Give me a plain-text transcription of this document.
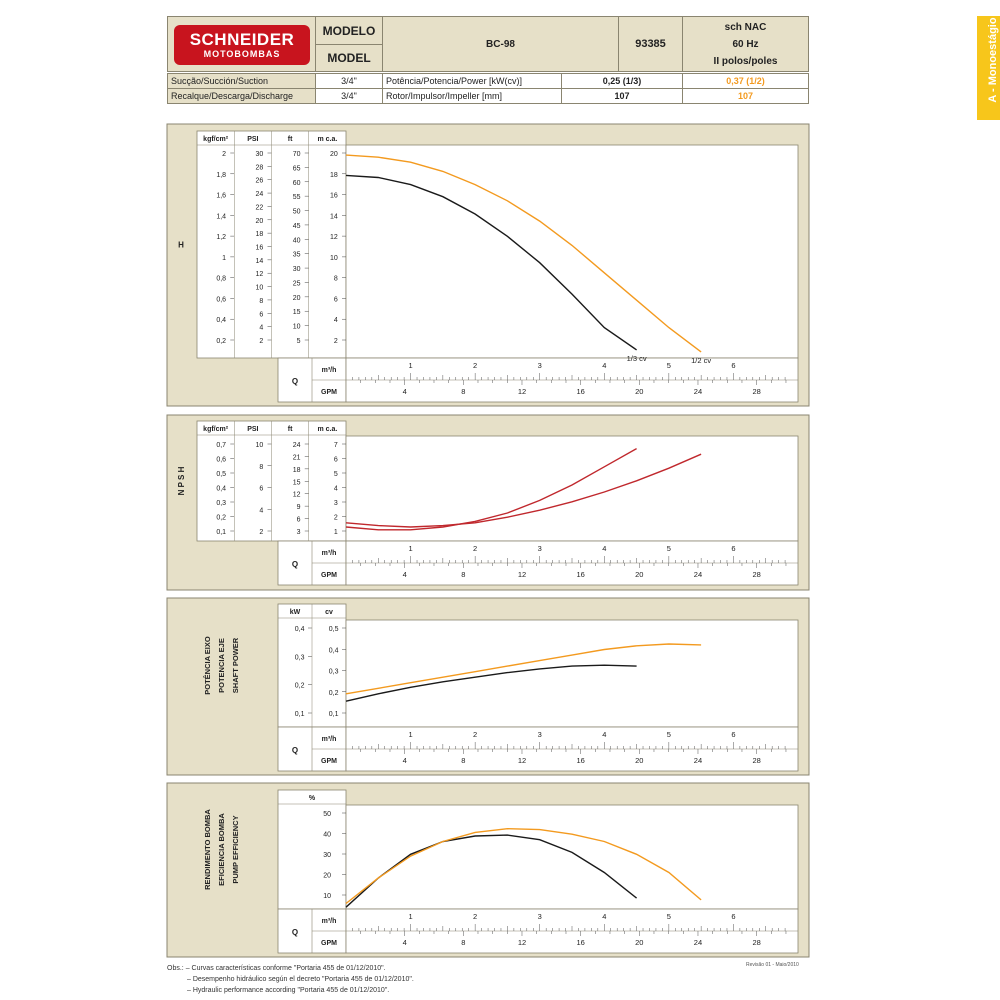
SCHNEIDER
MOTOBOMBAS
MODELO
MODEL
BC-98	93385
sch NAC
60 Hz
II polos/poles	A - Monoestágio
Sucção/Succión/Suction	3/4"	Potência/Potencia/Power [kW(cv)]	0,25 (1/3)	0,37 (1/2)
Recalque/Descarga/Discharge	3/4"	Rotor/Impulsor/Impeller [mm]	107	107
kgf/cm²
2
1,8
1,6
1,4
1,2
1
0,8
0,6
0,4
0,2
PSI
30
28
26
24
22
20
18
16
14
12
10
8
6
4
2
ft
70
65
60
55
50
45
40
35
30
25
20
15
10
5
m c.a.
20
18
16
14
12
10
8
6
4
2
H
Q
m³/h
GPM
1	2	3	4	5	6
4	8	12	16	20	24	28
1/3 cv	1/2 cv
kgf/cm²
0,7
0,6
0,5
0,4
0,3
0,2
0,1
PSI
10
8
6
4
2
ft
24
21
18
15
12
9
6
3
m c.a.
7
6
5
4
3
2
1
N P S H
Q
m³/h
GPM
1	2	3	4	5	6
4	8	12	16	20	24	28
kW
0,4
0,3
0,2
0,1
cv
0,5
0,4
0,3
0,2
0,1
POTÊNCIA EIXO POTENCIA EJE SHAFT POWER
Q
m³/h
GPM
1	2	3	4	5	6
4	8	12	16	20	24	28
%
50
40
30
20
10
RENDIMENTO BOMBA EFICIENCIA BOMBA PUMP EFFICIENCY
Q
m³/h
GPM
1	2	3	4	5	6
4	8	12	16	20	24	28
Obs.: – Curvas características conforme "Portaria 455 de 01/12/2010".
– Desempenho hidráulico según el decreto "Portaria 455 de 01/12/2010".
– Hydraulic performance according "Portaria 455 de 01/12/2010".
Revisão 01 - Maio/2010
